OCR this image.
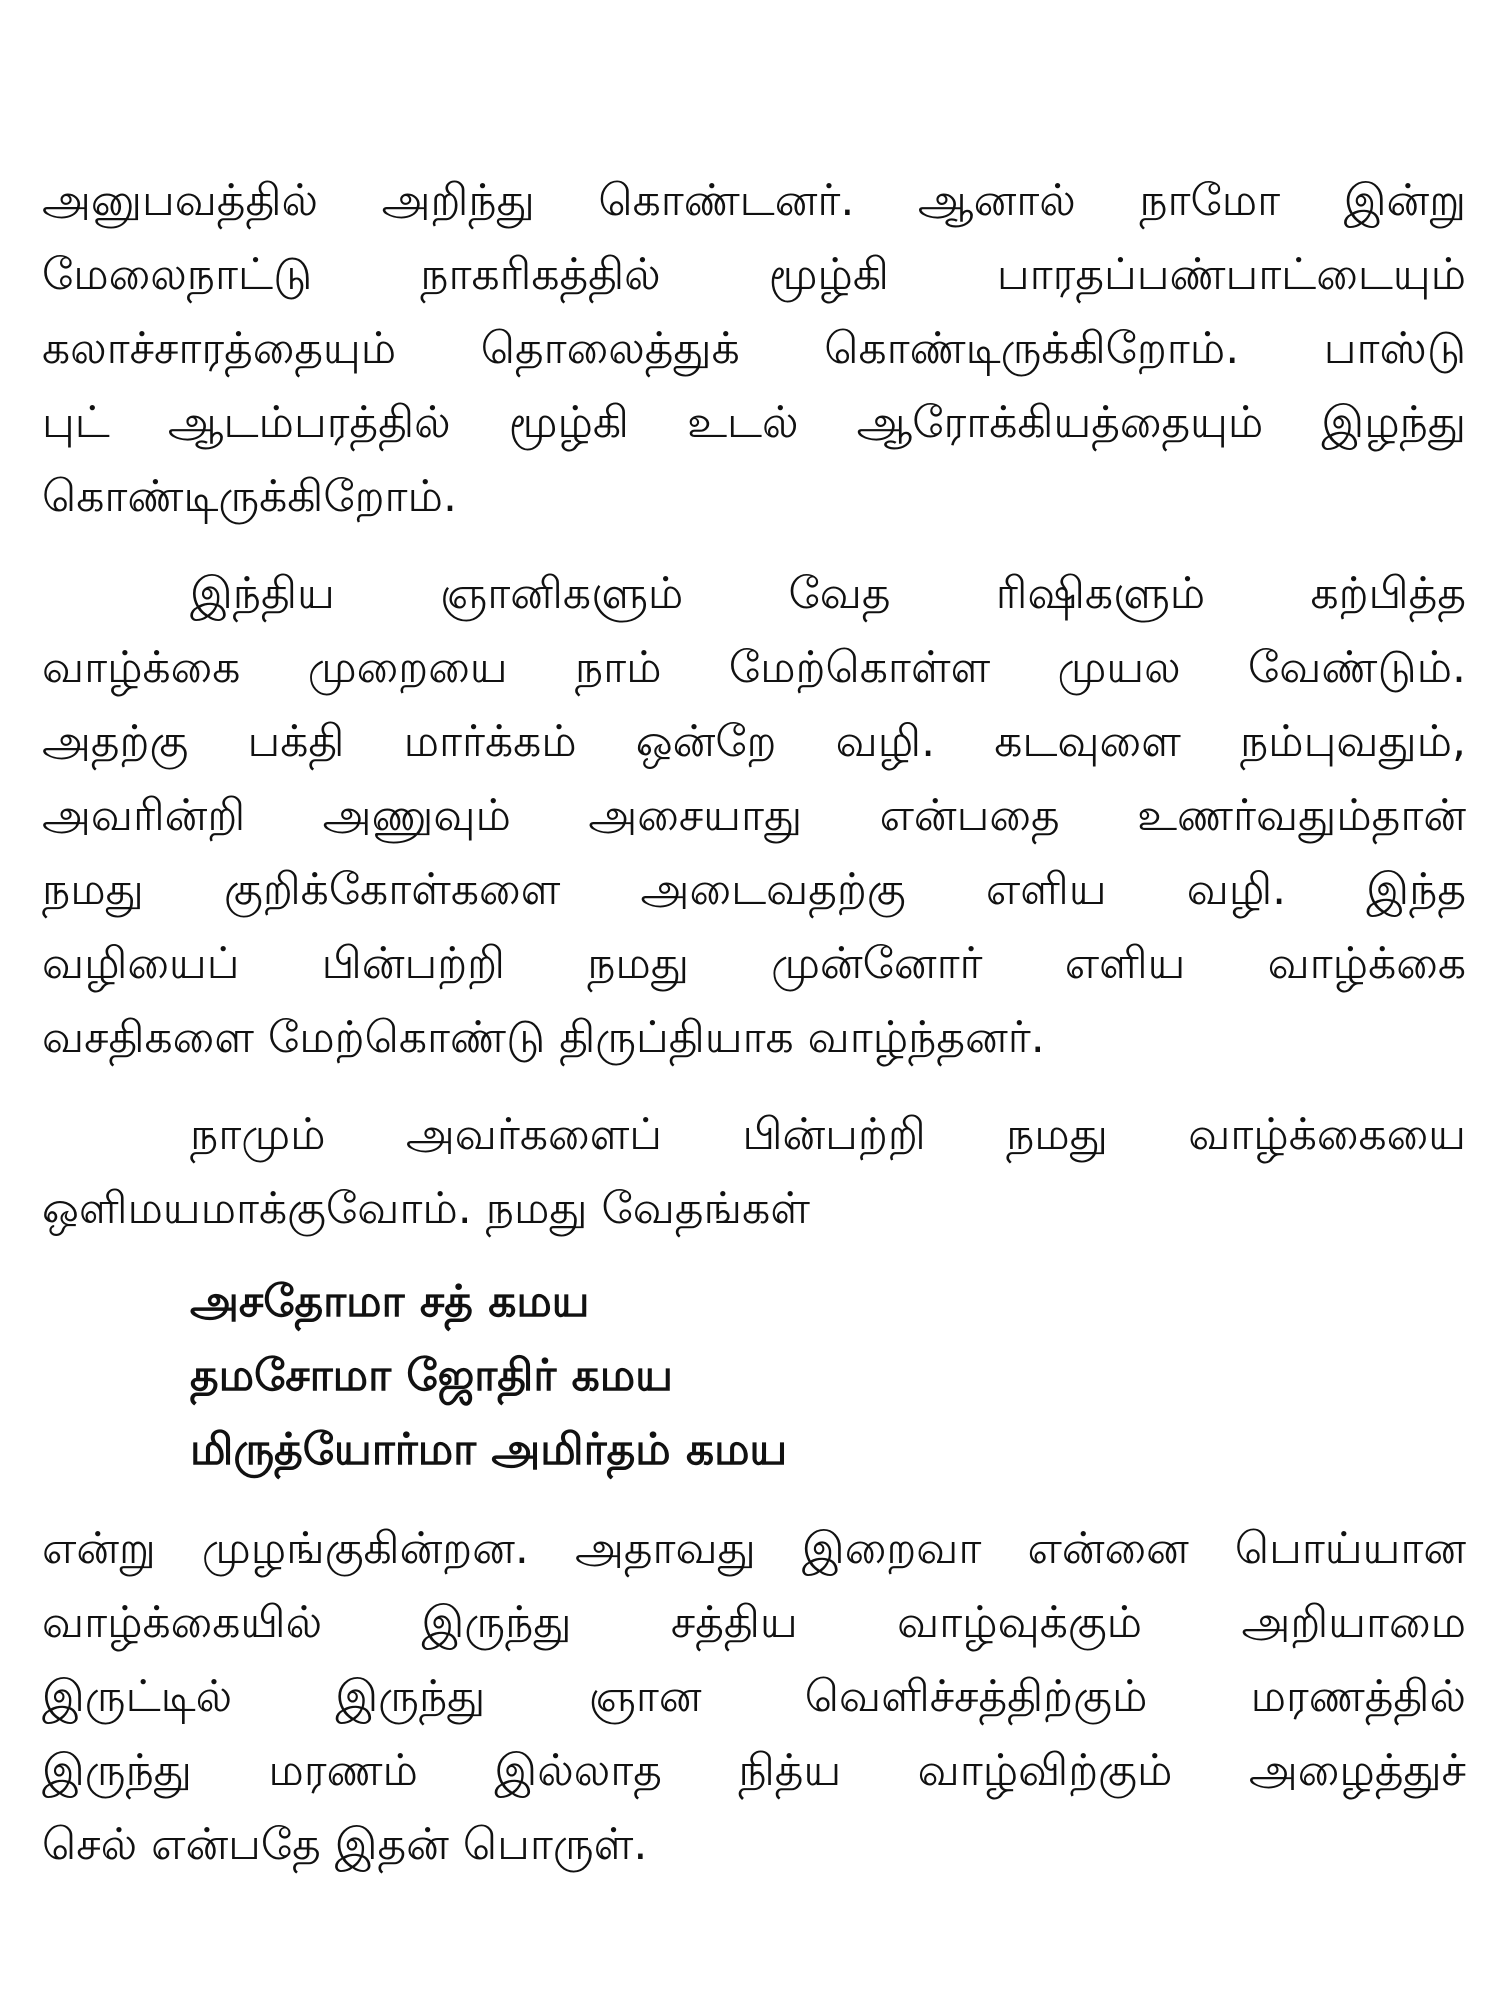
அனுபவத்தில் அறிந்து கொண்டனர். ஆனால் நாமோ இன்று
மேலைநாட்டு நாகரிகத்தில் மூழ்கி பாரதப்பண்பாட்டையும்
கலாச்சாரத்தையும் தொலைத்துக் கொண்டிருக்கிறோம். பாஸ்டு
புட் ஆடம்பரத்தில் மூழ்கி உடல் ஆரோக்கியத்தையும் இழந்து
கொண்டிருக்கிறோம்.
இந்திய ஞானிகளும் வேத ரிஷிகளும் கற்பித்த
வாழ்க்கை முறையை நாம் மேற்கொள்ள முயல வேண்டும்.
அதற்கு பக்தி மார்க்கம் ஒன்றே வழி. கடவுளை நம்புவதும்,
அவரின்றி அணுவும் அசையாது என்பதை உணர்வதும்தான்
நமது குறிக்கோள்களை அடைவதற்கு எளிய வழி. இந்த
வழியைப் பின்பற்றி நமது முன்னோர் எளிய வாழ்க்கை
வசதிகளை மேற்கொண்டு திருப்தியாக வாழ்ந்தனர்.
நாமும் அவர்களைப் பின்பற்றி நமது வாழ்க்கையை
ஒளிமயமாக்குவோம். நமது வேதங்கள்
அசதோமா சத் கமய
தமசோமா ஜோதிர் கமய
மிருத்யோர்மா அமிர்தம் கமய
என்று முழங்குகின்றன. அதாவது இறைவா என்னை பொய்யான
வாழ்க்கையில் இருந்து சத்திய வாழ்வுக்கும் அறியாமை
இருட்டில் இருந்து ஞான வெளிச்சத்திற்கும் மரணத்தில்
இருந்து மரணம் இல்லாத நித்ய வாழ்விற்கும் அழைத்துச்
செல் என்பதே இதன் பொருள்.
